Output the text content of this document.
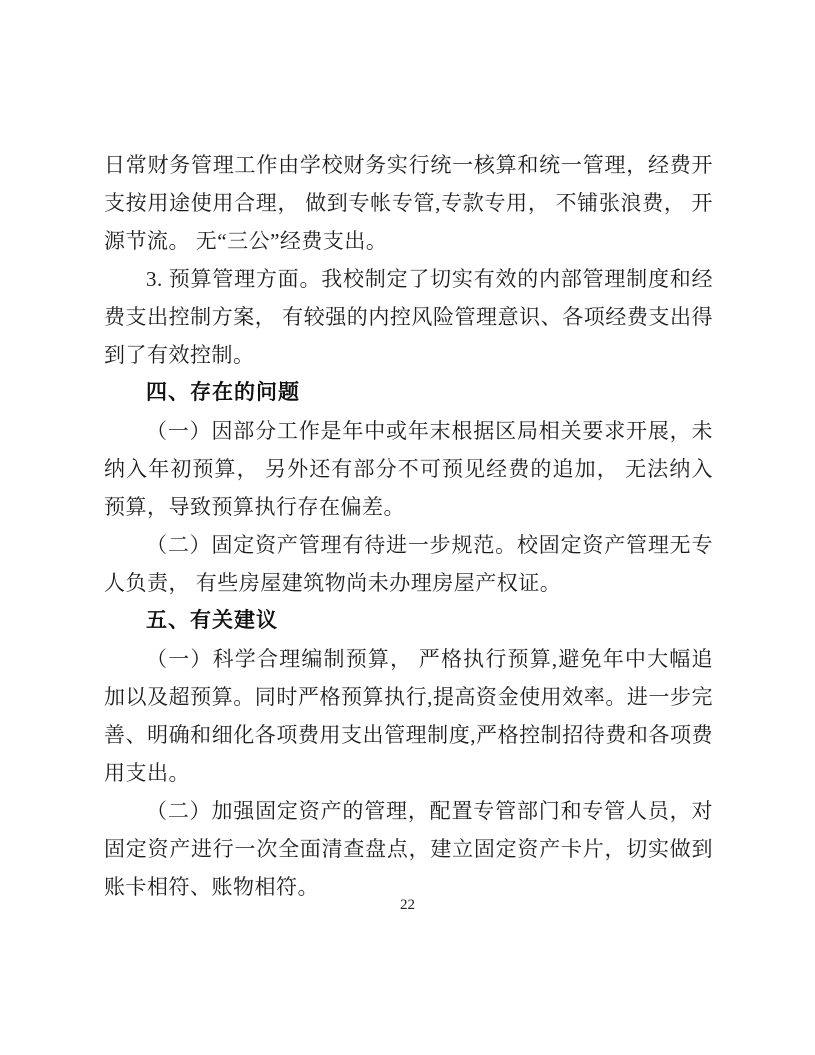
日常财务管理工作由学校财务实行统一核算和统一管理，经费开支按用途使用合理， 做到专帐专管,专款专用， 不铺张浪费， 开源节流。 无“三公”经费支出。

3. 预算管理方面。我校制定了切实有效的内部管理制度和经费支出控制方案， 有较强的内控风险管理意识、各项经费支出得到了有效控制。

四、存在的问题

（一）因部分工作是年中或年末根据区局相关要求开展，未纳入年初预算， 另外还有部分不可预见经费的追加， 无法纳入预算，导致预算执行存在偏差。

（二）固定资产管理有待进一步规范。校固定资产管理无专人负责， 有些房屋建筑物尚未办理房屋产权证。

五、有关建议

（一）科学合理编制预算， 严格执行预算,避免年中大幅追加以及超预算。同时严格预算执行,提高资金使用效率。进一步完善、明确和细化各项费用支出管理制度,严格控制招待费和各项费用支出。

（二）加强固定资产的管理，配置专管部门和专管人员，对固定资产进行一次全面清查盘点，建立固定资产卡片，切实做到账卡相符、账物相符。

22
